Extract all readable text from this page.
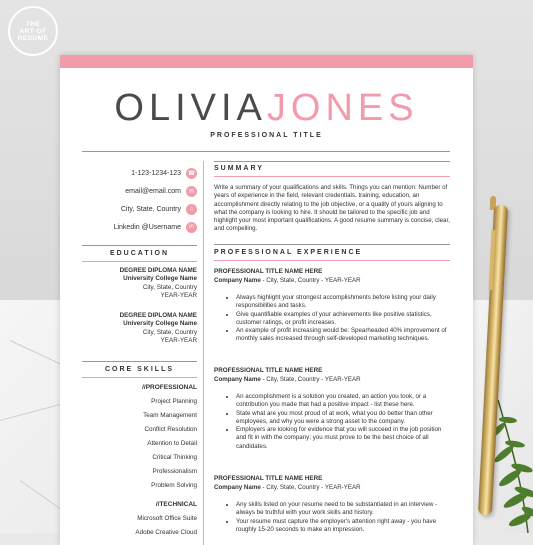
THE
ART OF
RESUME
OLIVIAJONES
PROFESSIONAL TITLE
1-123-1234-123 ☎
email@email.com	✉
City, State, Country	⌂
Linkedin @Username	in
EDUCATION
DEGREE DIPLOMA NAME
University College Name
City, State, Country
YEAR-YEAR
DEGREE DIPLOMA NAME
University College Name
City, State, Country
YEAR-YEAR
CORE SKILLS
//PROFESSIONAL
Project Planning
Team Management
Conflict Resolution
Attention to Detail
Critical Thinking
Professionalism
Problem Solving
//TECHNICAL
Microsoft Office Suite
Adobe Creative Cloud
SUMMARY
Write a summary of your qualifications and skills. Things you can mention: Number of years of experience in the field, relevant credentials, training, education, an accomplishment directly relating to the job objective, or a quality of yours aligning to what the company is looking to hire. It should be tailored to the specific job and highlight your most important qualifications. A good resume summary is concise, clear, and compelling.
PROFESSIONAL EXPERIENCE
PROFESSIONAL TITLE NAME HERE
Company Name - City, State, Country - YEAR-YEAR
• Always highlight your strongest accomplishments before listing your daily responsibilities and tasks.
• Give quantifiable examples of your achievements like positive statistics, customer ratings, or profit increases.
• An example of profit increasing would be: Spearheaded 40% improvement of monthly sales increased through self-developed marketing techniques.
PROFESSIONAL TITLE NAME HERE
Company Name - City, State, Country - YEAR-YEAR
• An accomplishment is a solution you created, an action you took, or a contribution you made that had a positive impact - list these here.
• State what are you most proud of at work, what you do better than other employees, and why you were a strong asset to the company.
• Employers are looking for evidence that you will succeed in the job position and fit in with the company; you must prove to be the best choice of all candidates.
PROFESSIONAL TITLE NAME HERE
Company Name - City, State, Country - YEAR-YEAR
• Any skills listed on your resume need to be substantiated in an interview - always be truthful with your work skills and history.
• Your resume must capture the employer's attention right away - you have roughly 15-20 seconds to make an impression.
